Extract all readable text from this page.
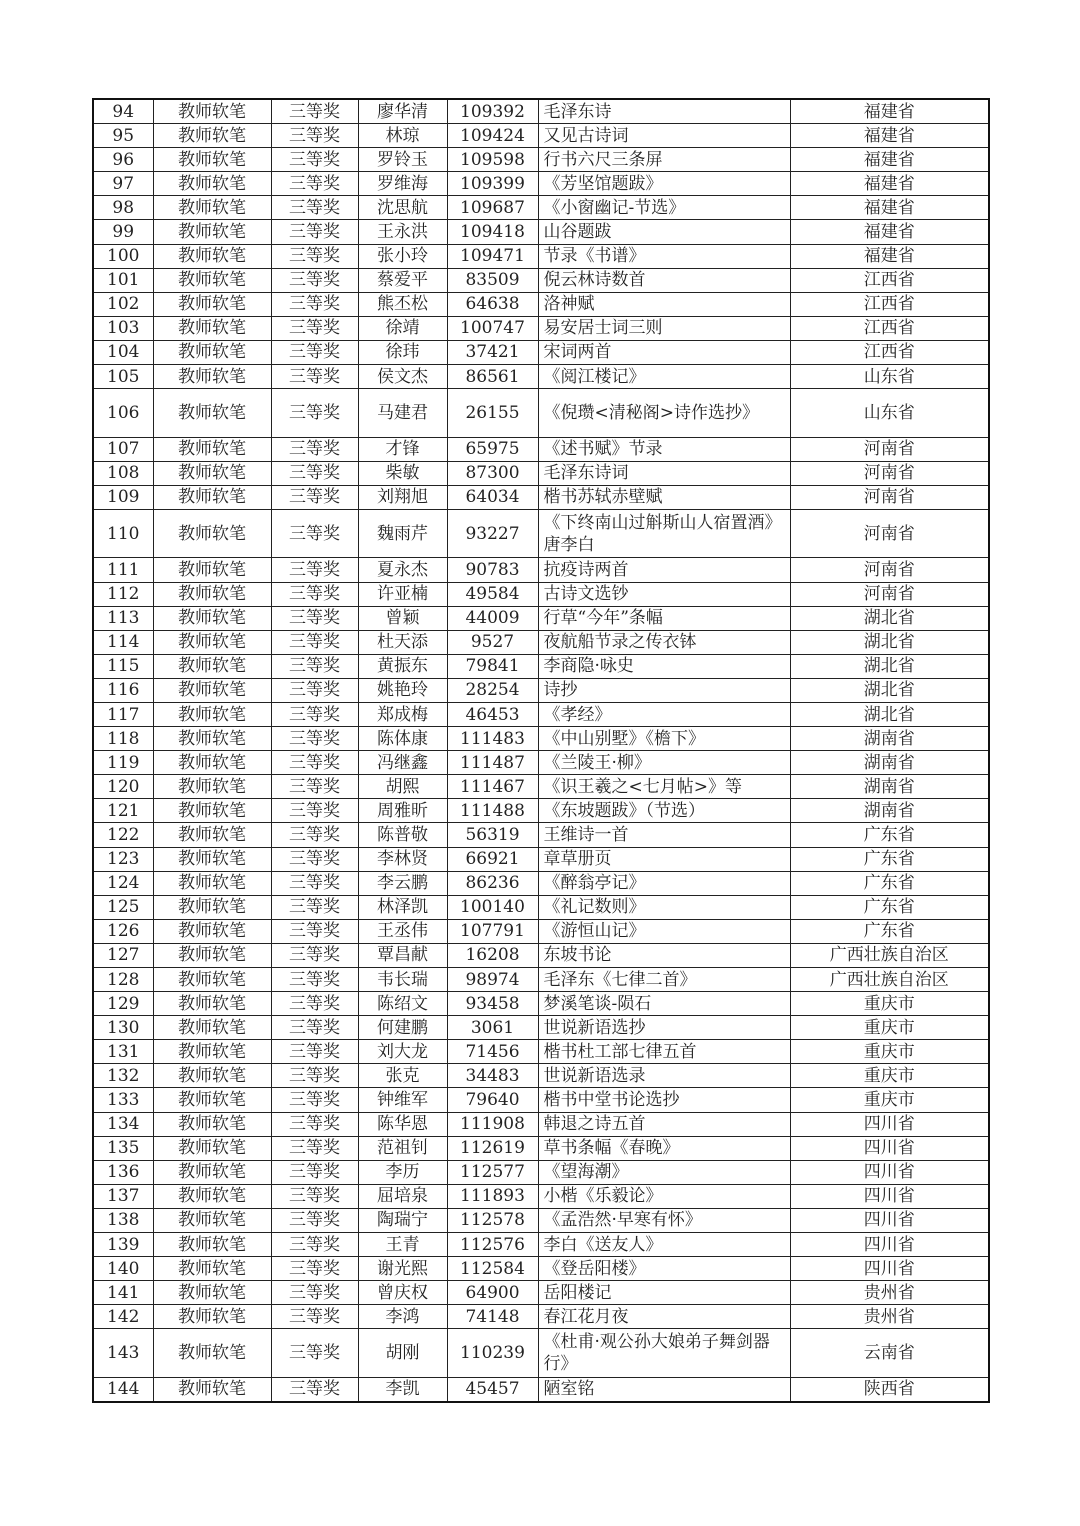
94	教师软笔	三等奖	廖华清	109392	毛泽东诗	福建省
95	教师软笔	三等奖	林琼	109424	又见古诗词	福建省
96	教师软笔	三等奖	罗铃玉	109598	行书六尺三条屏	福建省
97	教师软笔	三等奖	罗维海	109399	《芳坚馆题跋》	福建省
98	教师软笔	三等奖	沈思航	109687	《小窗幽记-节选》	福建省
99	教师软笔	三等奖	王永洪	109418	山谷题跋	福建省
100	教师软笔	三等奖	张小玲	109471	节录《书谱》	福建省
101	教师软笔	三等奖	蔡爱平	83509	倪云林诗数首	江西省
102	教师软笔	三等奖	熊丕松	64638	洛神赋	江西省
103	教师软笔	三等奖	徐靖	100747	易安居士词三则	江西省
104	教师软笔	三等奖	徐玮	37421	宋词两首	江西省
105	教师软笔	三等奖	侯文杰	86561	《阅江楼记》	山东省
106	教师软笔	三等奖	马建君	26155	《倪瓒<清秘阁>诗作选抄》	山东省
107	教师软笔	三等奖	才锋	65975	《述书赋》节录	河南省
108	教师软笔	三等奖	柴敏	87300	毛泽东诗词	河南省
109	教师软笔	三等奖	刘翔旭	64034	楷书苏轼赤壁赋	河南省
110	教师软笔	三等奖	魏雨芹	93227	《下终南山过斛斯山人宿置酒》唐李白	河南省
111	教师软笔	三等奖	夏永杰	90783	抗疫诗两首	河南省
112	教师软笔	三等奖	许亚楠	49584	古诗文选钞	河南省
113	教师软笔	三等奖	曾颖	44009	行草“今年”条幅	湖北省
114	教师软笔	三等奖	杜天添	9527	夜航船节录之传衣钵	湖北省
115	教师软笔	三等奖	黄振东	79841	李商隐·咏史	湖北省
116	教师软笔	三等奖	姚艳玲	28254	诗抄	湖北省
117	教师软笔	三等奖	郑成梅	46453	《孝经》	湖北省
118	教师软笔	三等奖	陈体康	111483	《中山别墅》《檐下》	湖南省
119	教师软笔	三等奖	冯继鑫	111487	《兰陵王·柳》	湖南省
120	教师软笔	三等奖	胡熙	111467	《识王羲之<七月帖>》等	湖南省
121	教师软笔	三等奖	周雅昕	111488	《东坡题跋》（节选）	湖南省
122	教师软笔	三等奖	陈普敬	56319	王维诗一首	广东省
123	教师软笔	三等奖	李林贤	66921	章草册页	广东省
124	教师软笔	三等奖	李云鹏	86236	《醉翁亭记》	广东省
125	教师软笔	三等奖	林泽凯	100140	《礼记数则》	广东省
126	教师软笔	三等奖	王丞伟	107791	《游恒山记》	广东省
127	教师软笔	三等奖	覃昌献	16208	东坡书论	广西壮族自治区
128	教师软笔	三等奖	韦长瑞	98974	毛泽东《七律二首》	广西壮族自治区
129	教师软笔	三等奖	陈绍文	93458	梦溪笔谈-陨石	重庆市
130	教师软笔	三等奖	何建鹏	3061	世说新语选抄	重庆市
131	教师软笔	三等奖	刘大龙	71456	楷书杜工部七律五首	重庆市
132	教师软笔	三等奖	张克	34483	世说新语选录	重庆市
133	教师软笔	三等奖	钟维军	79640	楷书中堂书论选抄	重庆市
134	教师软笔	三等奖	陈华恩	111908	韩退之诗五首	四川省
135	教师软笔	三等奖	范祖钊	112619	草书条幅《春晚》	四川省
136	教师软笔	三等奖	李历	112577	《望海潮》	四川省
137	教师软笔	三等奖	屈培泉	111893	小楷《乐毅论》	四川省
138	教师软笔	三等奖	陶瑞宁	112578	《孟浩然·早寒有怀》	四川省
139	教师软笔	三等奖	王青	112576	李白《送友人》	四川省
140	教师软笔	三等奖	谢光熙	112584	《登岳阳楼》	四川省
141	教师软笔	三等奖	曾庆权	64900	岳阳楼记	贵州省
142	教师软笔	三等奖	李鸿	74148	春江花月夜	贵州省
143	教师软笔	三等奖	胡刚	110239	《杜甫·观公孙大娘弟子舞剑器行》	云南省
144	教师软笔	三等奖	李凯	45457	陋室铭	陕西省
